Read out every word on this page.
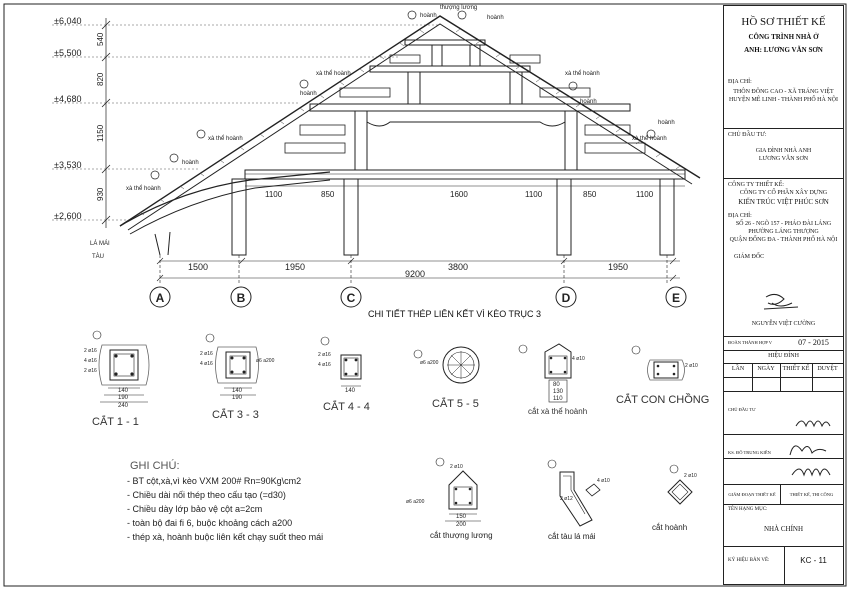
±6,040
±5,500
±4,680
±3,530
±2,600
540
820
1150
930
thượng lương
hoành	hoành
xà thể hoành	xà thể hoành
hoành
hoành
xà thể hoành	xà thể hoành
hoành
hoành
xà thể hoành
LÁ MÁI
TÀU
1100	850	1600	1100	850	1100
1500	1950	3800	1950
9200
A	B	C	D	E
CHI TIẾT THÉP LIÊN KẾT VÌ KÈO TRỤC 3
CẮT 1 - 1
CẮT 3 - 3
CẮT 4 - 4	CẮT 5 - 5
cắt xà thể hoành
CẮT CON CHỒNG
140
190
240
140
190
140
80
130
110
2 ø16
4 ø16
2 ø16
2 ø16
4 ø16	ø6 a200
2 ø16
4 ø16	ø6 a200
4 ø10
2 ø10
cắt thượng lương	cắt tàu lá mái
cắt hoành
150
200
ø6 a200
2 ø10
2 ø12
4 ø10
2 ø10
GHI CHÚ:
- BT cột,xà,vì kèo VXM 200# Rn=90Kg\cm2
- Chiều dài nối thép theo cấu tạo (=d30)
- Chiều dày lớp bảo vệ cột a=2cm
- toàn bộ đai fi 6, buộc khoảng cách a200
- thép xà, hoành buộc liên kết chạy suốt theo mái
HỒ SƠ THIẾT KẾ
CÔNG TRÌNH NHÀ Ở
ANH: LƯƠNG VĂN SƠN
ĐỊA CHỈ:
THÔN ĐÔNG CAO - XÃ TRÁNG VIỆT
HUYỆN MÊ LINH - THÀNH PHỐ HÀ NỘI
CHỦ ĐẦU TƯ:
GIA ĐÌNH NHÀ ANH
LƯƠNG VĂN SƠN
CÔNG TY THIẾT KẾ:
CÔNG TY CỔ PHẦN XÂY DỰNG
KIẾN TRÚC VIỆT PHÚC SƠN
ĐỊA CHỈ:
SỐ 26 - NGÕ 157 - PHÁO ĐÀI LÁNG
PHƯỜNG LÁNG THƯỢNG
QUẬN ĐỐNG ĐA - THÀNH PHỐ HÀ NỘI
GIÁM ĐỐC
NGUYỄN VIỆT CƯỜNG
ĐOÀN THÀNH HỢP V	07 - 2015
HIỆU ĐÍNH
LẦN	NGÀY	THIẾT KẾ	DUYỆT
CHỦ ĐẦU TƯ
KS. ĐỖ TRUNG KIÊN
GIÁM ĐOẠN THIẾT KẾ	THIẾT KẾ, THI CÔNG
TÊN HẠNG MỤC:
NHÀ CHÍNH
KÝ HIỆU BẢN VẼ:	KC - 11
